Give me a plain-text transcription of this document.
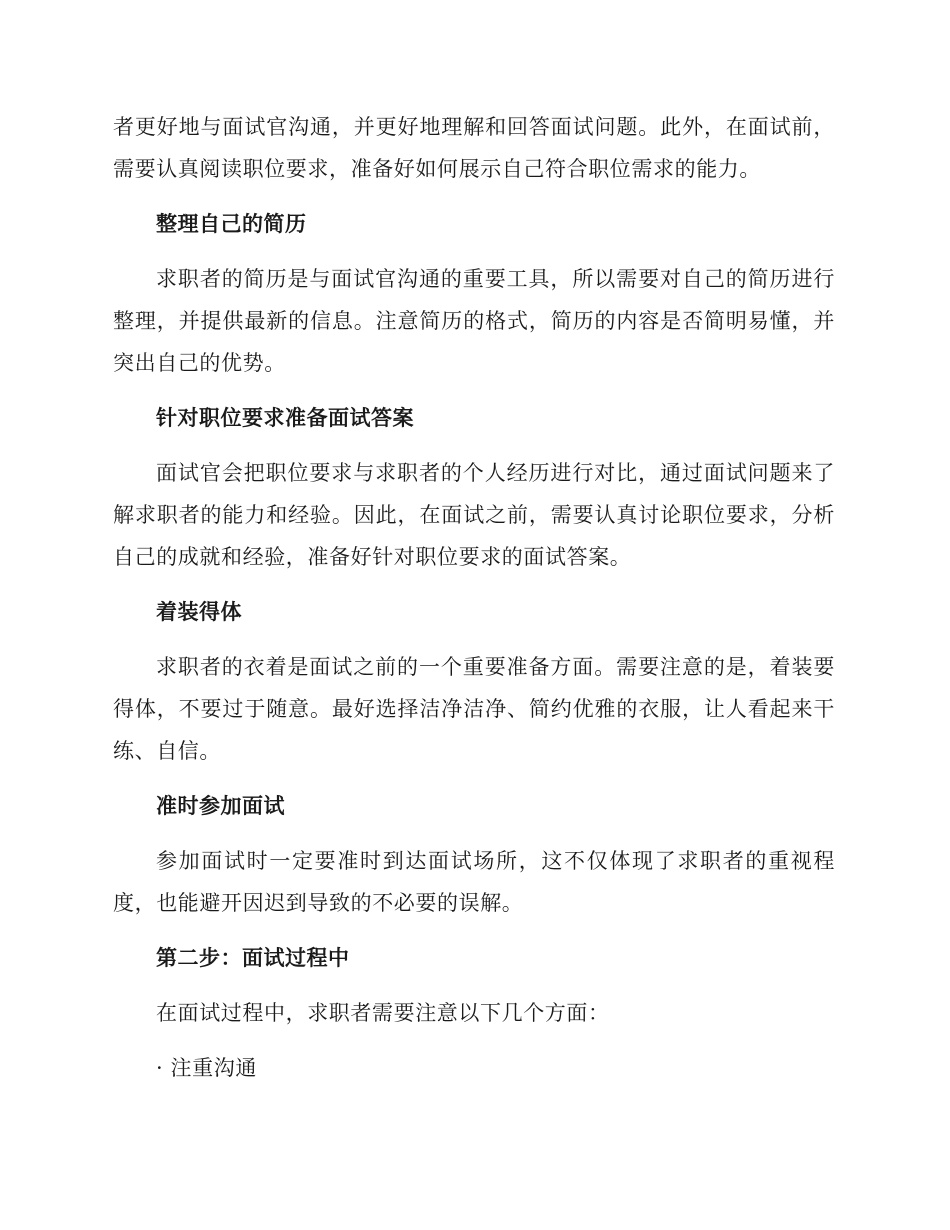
者更好地与面试官沟通，并更好地理解和回答面试问题。此外，在面试前，需要认真阅读职位要求，准备好如何展示自己符合职位需求的能力。

整理自己的简历

求职者的简历是与面试官沟通的重要工具，所以需要对自己的简历进行整理，并提供最新的信息。注意简历的格式，简历的内容是否简明易懂，并突出自己的优势。

针对职位要求准备面试答案

面试官会把职位要求与求职者的个人经历进行对比，通过面试问题来了解求职者的能力和经验。因此，在面试之前，需要认真讨论职位要求，分析自己的成就和经验，准备好针对职位要求的面试答案。

着装得体

求职者的衣着是面试之前的一个重要准备方面。需要注意的是，着装要得体，不要过于随意。最好选择洁净洁净、简约优雅的衣服，让人看起来干练、自信。

准时参加面试

参加面试时一定要准时到达面试场所，这不仅体现了求职者的重视程度，也能避开因迟到导致的不必要的误解。

第二步：面试过程中

在面试过程中，求职者需要注意以下几个方面：

· 注重沟通
